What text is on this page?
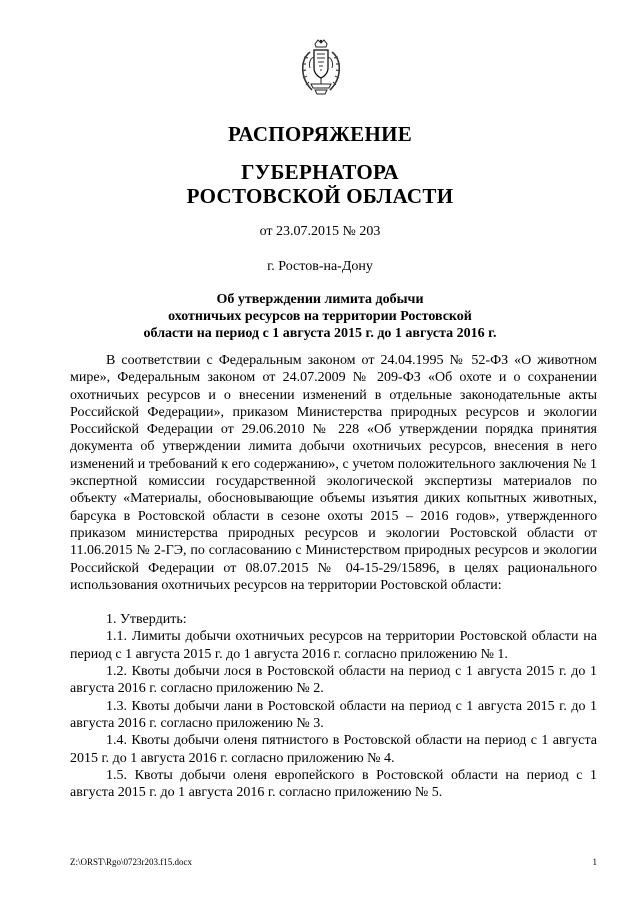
РАСПОРЯЖЕНИЕ
ГУБЕРНАТОРА
РОСТОВСКОЙ ОБЛАСТИ
от 23.07.2015 № 203
г. Ростов-на-Дону
Об утверждении лимита добычи
охотничьих ресурсов на территории Ростовской
области на период с 1 августа 2015 г. до 1 августа 2016 г.

В соответствии с Федеральным законом от 24.04.1995 № 52-ФЗ «О животном мире», Федеральным законом от 24.07.2009 № 209-ФЗ «Об охоте и о сохранении охотничьих ресурсов и о внесении изменений в отдельные законодательные акты Российской Федерации», приказом Министерства природных ресурсов и экологии Российской Федерации от 29.06.2010 № 228 «Об утверждении порядка принятия документа об утверждении лимита добычи охотничьих ресурсов, внесения в него изменений и требований к его содержанию», с учетом положительного заключения № 1 экспертной комиссии государственной экологической экспертизы материалов по объекту «Материалы, обосновывающие объемы изъятия диких копытных животных, барсука в Ростовской области в сезоне охоты 2015 – 2016 годов», утвержденного приказом министерства природных ресурсов и экологии Ростовской области от 11.06.2015 № 2-ГЭ, по согласованию с Министерством природных ресурсов и экологии Российской Федерации от 08.07.2015 № 04-15-29/15896, в целях рационального использования охотничьих ресурсов на территории Ростовской области:

1. Утвердить:

1.1. Лимиты добычи охотничьих ресурсов на территории Ростовской области на период с 1 августа 2015 г. до 1 августа 2016 г. согласно приложению № 1.

1.2. Квоты добычи лося в Ростовской области на период с 1 августа 2015 г. до 1 августа 2016 г. согласно приложению № 2.

1.3. Квоты добычи лани в Ростовской области на период с 1 августа 2015 г. до 1 августа 2016 г. согласно приложению № 3.

1.4. Квоты добычи оленя пятнистого в Ростовской области на период с 1 августа 2015 г. до 1 августа 2016 г. согласно приложению № 4.

1.5. Квоты добычи оленя европейского в Ростовской области на период с 1 августа 2015 г. до 1 августа 2016 г. согласно приложению № 5.

Z:\ORST\Rgo\0723r203.f15.docx	1
